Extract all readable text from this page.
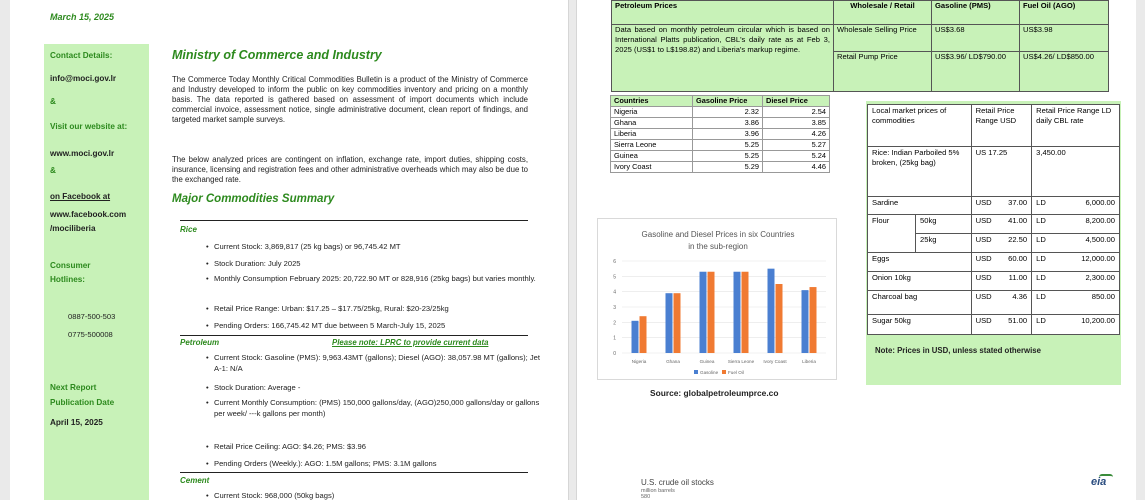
March 15, 2025
Contact Details:
info@moci.gov.lr
&
Visit our website at:
www.moci.gov.lr
&
on Facebook at
www.facebook.com
/mociliberia
Consumer
Hotlines:
0887-500-503
0775-500008
Next Report
Publication Date
April 15, 2025
Ministry of Commerce and Industry
The Commerce Today Monthly Critical Commodities Bulletin is a product of the Ministry of Commerce and Industry developed to inform the public on key commodities inventory and pricing on a monthly basis. The data reported is gathered based on assessment of import documents which include commercial invoice, assessment notice, single administrative document, clean report of findings, and targeted market sample surveys.
The below analyzed prices are contingent on inflation, exchange rate, import duties, shipping costs, insurance, licensing and registration fees and other administrative overheads which may also be due to the exchanged rate.
Major Commodities Summary
Rice
• Current Stock: 3,869,817 (25 kg bags) or 96,745.42 MT
• Stock Duration: July 2025
• Monthly Consumption February 2025: 20,722.90 MT or 828,916 (25kg bags) but varies monthly.
• Retail Price Range: Urban: $17.25 – $17.75/25kg, Rural: $20-23/25kg
• Pending Orders: 166,745.42 MT due between 5 March-July 15, 2025
Petroleum	Please note: LPRC to provide current data
• Current Stock: Gasoline (PMS): 9,963.43MT (gallons); Diesel (AGO): 38,057.98 MT (gallons); Jet A-1: N/A
• Stock Duration: Average -
• Current Monthly Consumption: (PMS) 150,000 gallons/day, (AGO)250,000 gallons/day or gallons per week/ ---k gallons per month)
• Retail Price Ceiling: AGO: $4.26; PMS: $3.96
• Pending Orders (Weekly.): AGO: 1.5M gallons; PMS: 3.1M gallons
Cement
• Current Stock: 968,000 (50kg bags)
Petroleum Prices	Wholesale / Retail	Gasoline (PMS)	Fuel Oil (AGO)
Data based on monthly petroleum circular which is based on International Platts publication, CBL's daily rate as at Feb 3, 2025 (US$1 to L$198.82) and Liberia's markup regime.	Wholesale Selling Price	US$3.68	US$3.98
	Retail Pump Price	US$3.96/ LD$790.00	US$4.26/ LD$850.00
Countries	Gasoline Price	Diesel Price
Nigeria	2.32	2.54
Ghana	3.86	3.85
Liberia	3.96	4.26
Sierra Leone	5.25	5.27
Guinea	5.25	5.24
Ivory Coast	5.29	4.46
Gasoline and Diesel Prices in six Countries
in the sub-region
0
1
2
3
4
5
6
Nigeria	Ghana	Guinea	Sierra Leone Ivory Coast	Liberia
Gasoline Fuel Oil
Source: globalpetroleumprce.co
Local market prices of commodities		Retail Price Range USD		Retail Price Range LD daily CBL rate	
Rice: Indian Parboiled 5% broken, (25kg bag)		US 17.25		3,450.00	
Sardine		USD	37.00	LD	6,000.00
Flour	50kg	USD	41.00	LD	8,200.00
	25kg	USD	22.50	LD	4,500.00
Eggs		USD	60.00	LD	12,000.00
Onion 10kg		USD	11.00	LD	2,300.00
Charcoal bag		USD	4.36	LD	850.00
Sugar 50kg		USD	51.00	LD	10,200.00
Note: Prices in USD, unless stated otherwise
U.S. crude oil stocks
million barrels
580
eia
